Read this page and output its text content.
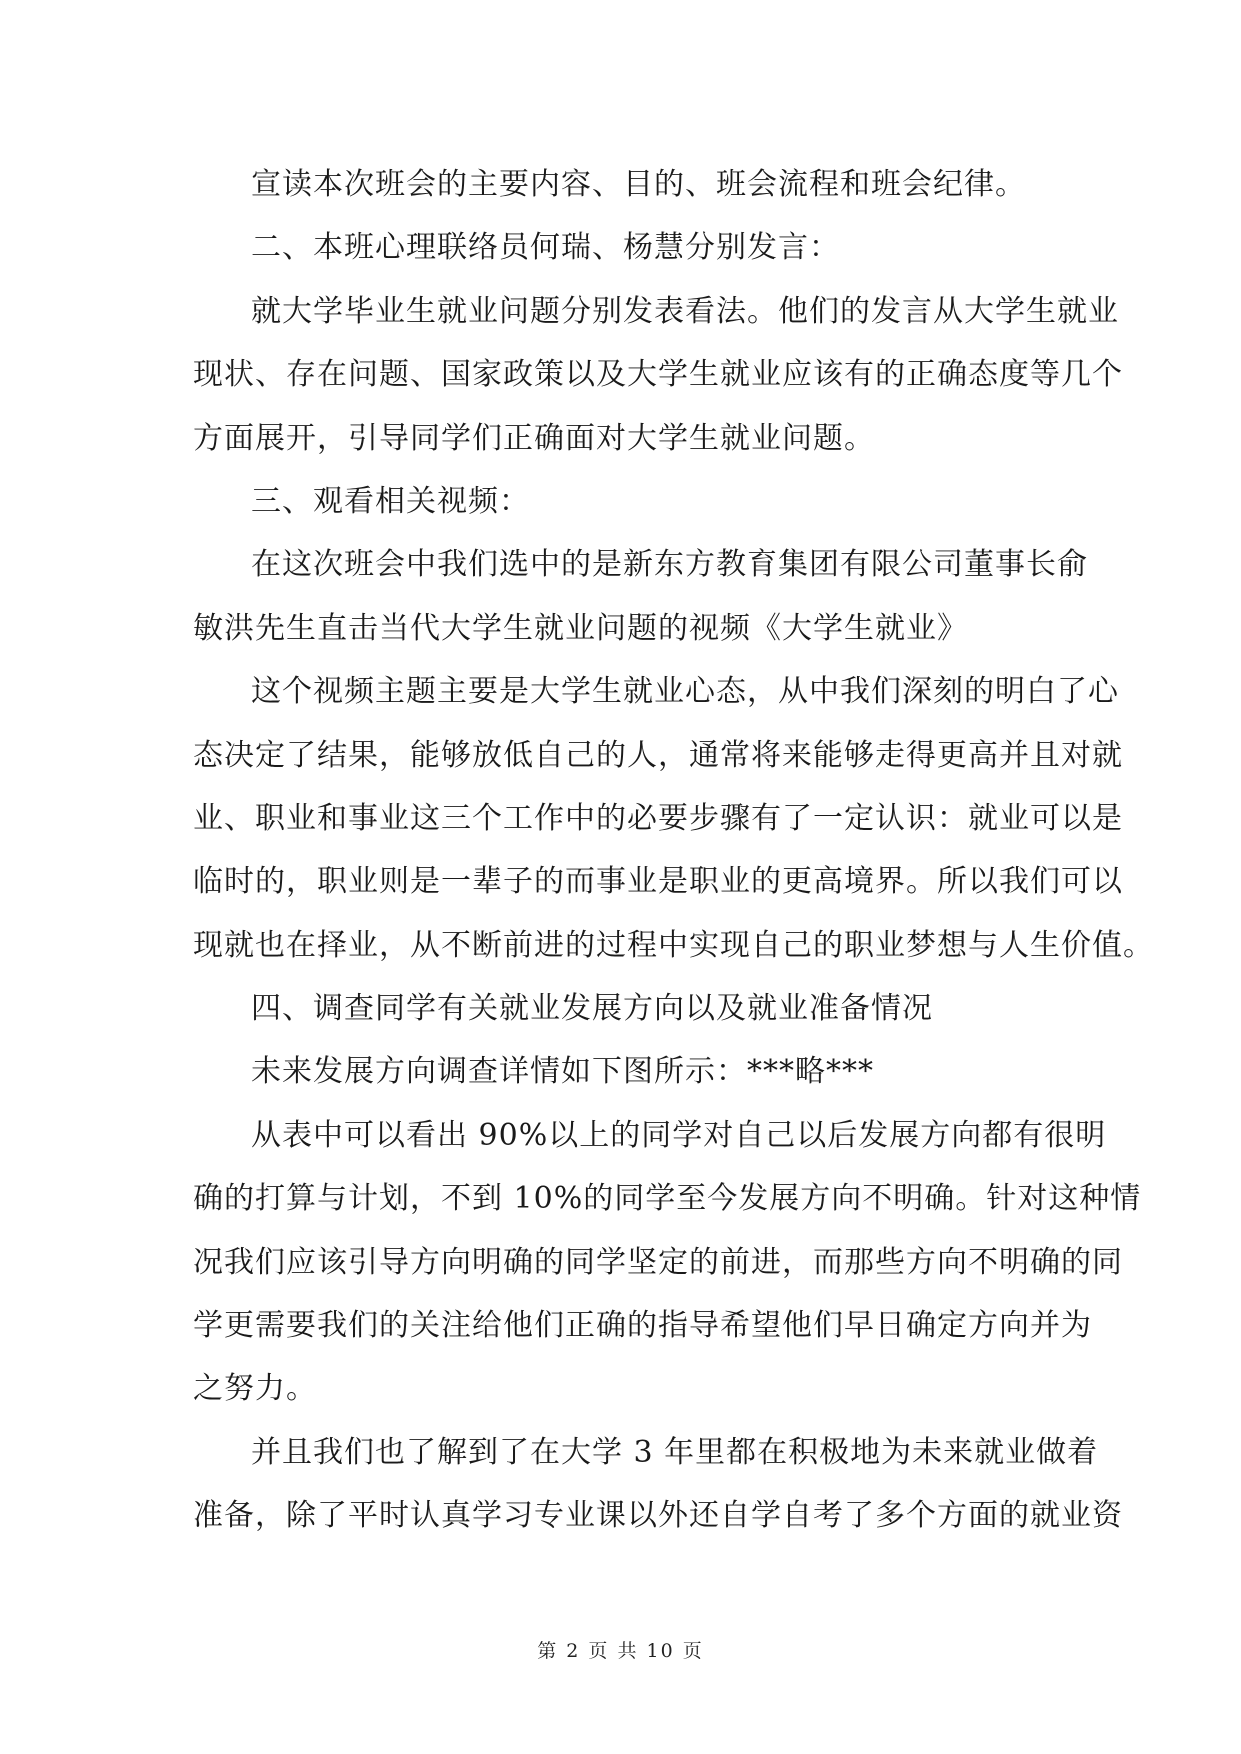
宣读本次班会的主要内容、目的、班会流程和班会纪律。
二、本班心理联络员何瑞、杨慧分别发言：
就大学毕业生就业问题分别发表看法。他们的发言从大学生就业
现状、存在问题、国家政策以及大学生就业应该有的正确态度等几个
方面展开，引导同学们正确面对大学生就业问题。
三、观看相关视频：
在这次班会中我们选中的是新东方教育集团有限公司董事长俞
敏洪先生直击当代大学生就业问题的视频《大学生就业》
这个视频主题主要是大学生就业心态，从中我们深刻的明白了心
态决定了结果，能够放低自己的人，通常将来能够走得更高并且对就
业、职业和事业这三个工作中的必要步骤有了一定认识：就业可以是
临时的，职业则是一辈子的而事业是职业的更高境界。所以我们可以
现就也在择业，从不断前进的过程中实现自己的职业梦想与人生价值。
四、调查同学有关就业发展方向以及就业准备情况
未来发展方向调查详情如下图所示：***略***
从表中可以看出 90%以上的同学对自己以后发展方向都有很明
确的打算与计划，不到 10%的同学至今发展方向不明确。针对这种情
况我们应该引导方向明确的同学坚定的前进，而那些方向不明确的同
学更需要我们的关注给他们正确的指导希望他们早日确定方向并为
之努力。
并且我们也了解到了在大学 3 年里都在积极地为未来就业做着
准备，除了平时认真学习专业课以外还自学自考了多个方面的就业资
第 2 页 共 10 页
